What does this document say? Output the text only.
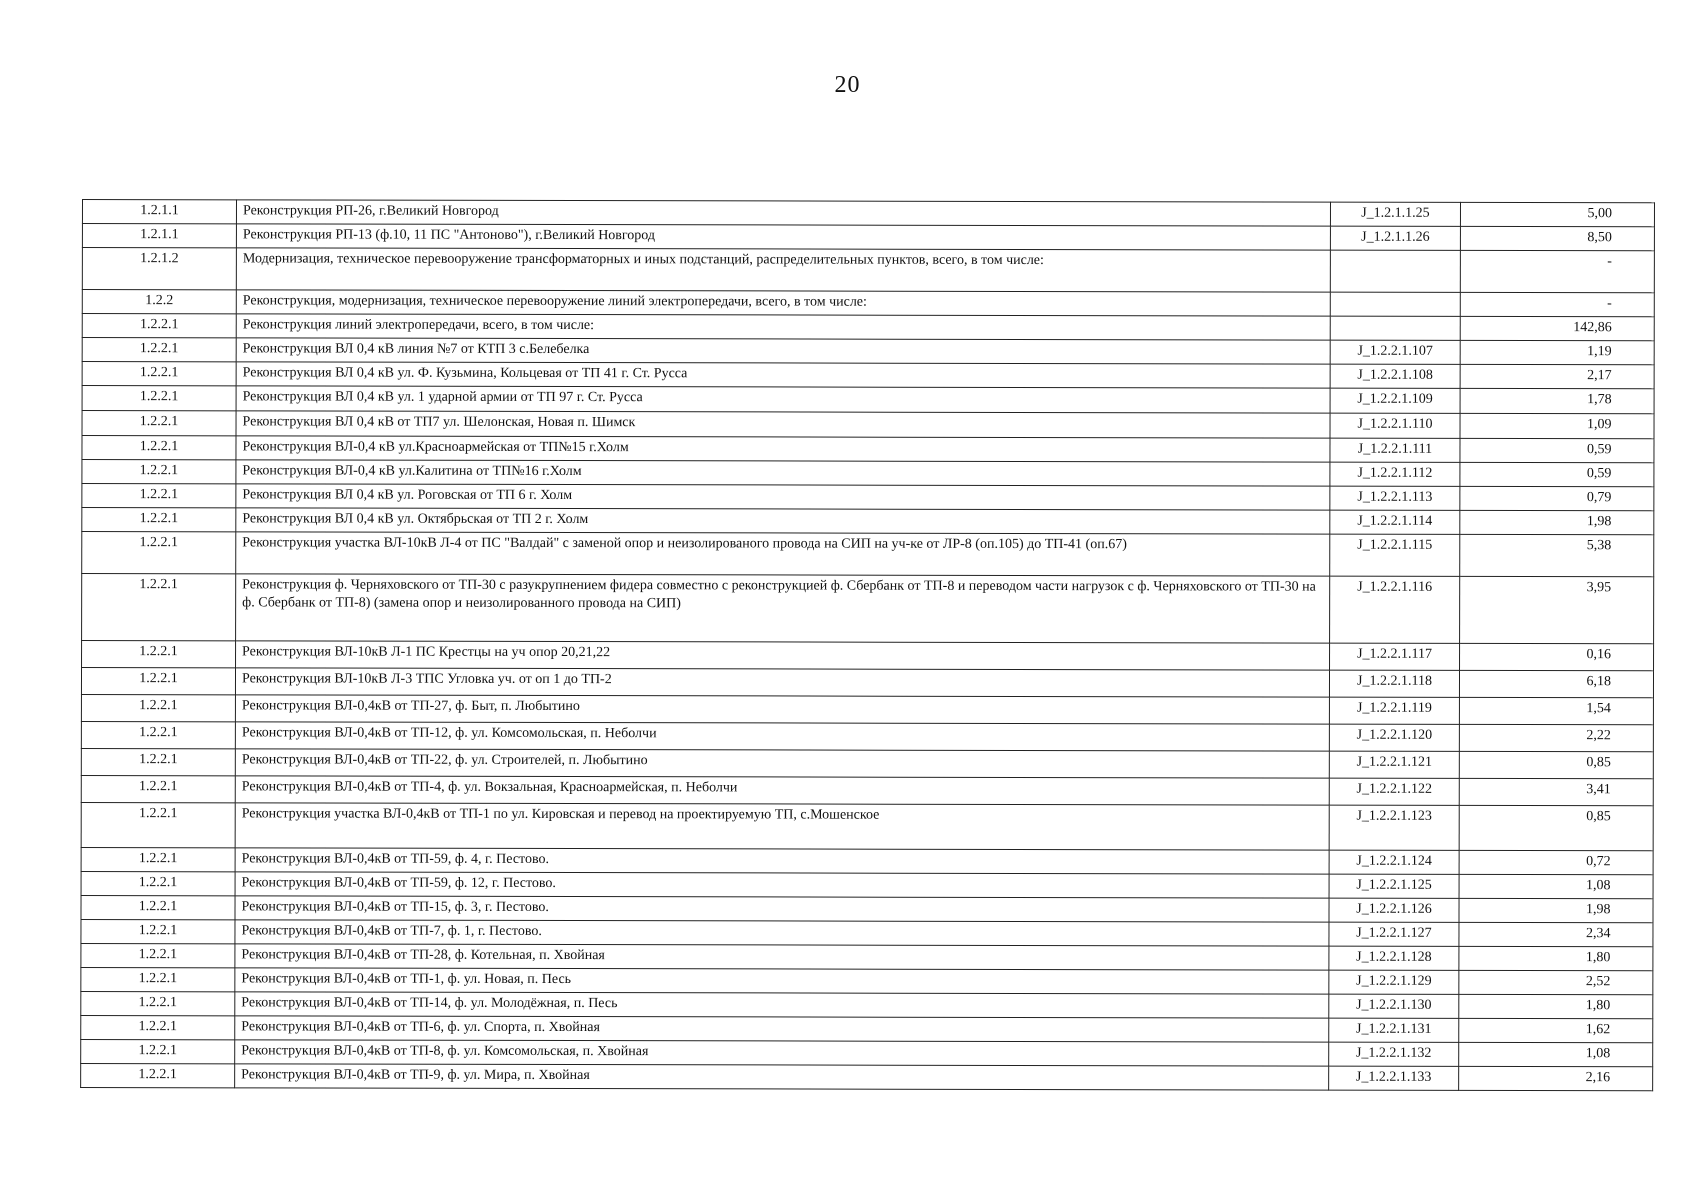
20
1.2.1.1	Реконструкция РП-26, г.Великий Новгород	J_1.2.1.1.25	5,00
1.2.1.1	Реконструкция РП-13 (ф.10, 11 ПС "Антоново"), г.Великий Новгород	J_1.2.1.1.26	8,50
1.2.1.2	Модернизация, техническое перевооружение трансформаторных и иных подстанций, распределительных пунктов, всего, в том числе:		-
1.2.2	Реконструкция, модернизация, техническое перевооружение линий электропередачи, всего, в том числе:		-
1.2.2.1	Реконструкция линий электропередачи, всего, в том числе:		142,86
1.2.2.1	Реконструкция ВЛ 0,4 кВ линия №7 от КТП 3 с.Белебелка	J_1.2.2.1.107	1,19
1.2.2.1	Реконструкция ВЛ 0,4 кВ ул. Ф. Кузьмина, Кольцевая от ТП 41 г. Ст. Русса	J_1.2.2.1.108	2,17
1.2.2.1	Реконструкция ВЛ 0,4 кВ ул. 1 ударной армии от ТП 97 г. Ст. Русса	J_1.2.2.1.109	1,78
1.2.2.1	Реконструкция ВЛ 0,4 кВ от ТП7 ул. Шелонская, Новая п. Шимск	J_1.2.2.1.110	1,09
1.2.2.1	Реконструкция ВЛ-0,4 кВ ул.Красноармейская от ТП№15 г.Холм	J_1.2.2.1.111	0,59
1.2.2.1	Реконструкция ВЛ-0,4 кВ ул.Калитина от ТП№16 г.Холм	J_1.2.2.1.112	0,59
1.2.2.1	Реконструкция ВЛ 0,4 кВ ул. Роговская от ТП 6 г. Холм	J_1.2.2.1.113	0,79
1.2.2.1	Реконструкция ВЛ 0,4 кВ ул. Октябрьская от ТП 2 г. Холм	J_1.2.2.1.114	1,98
1.2.2.1	Реконструкция участка ВЛ-10кВ Л-4 от ПС "Валдай" с заменой опор и неизолированого провода на СИП на уч-ке от ЛР-8 (оп.105) до ТП-41 (оп.67)	J_1.2.2.1.115	5,38
1.2.2.1	Реконструкция ф. Черняховского от ТП-30 с разукрупнением фидера совместно с реконструкцией ф. Сбербанк от ТП-8 и переводом части нагрузок с ф. Черняховского от ТП-30 на ф. Сбербанк от ТП-8) (замена опор и неизолированного провода на СИП)	J_1.2.2.1.116	3,95
1.2.2.1	Реконструкция ВЛ-10кВ Л-1 ПС Крестцы на уч опор 20,21,22	J_1.2.2.1.117	0,16
1.2.2.1	Реконструкция ВЛ-10кВ Л-3 ТПС Угловка уч. от оп 1 до ТП-2	J_1.2.2.1.118	6,18
1.2.2.1	Реконструкция ВЛ-0,4кВ от ТП-27, ф. Быт, п. Любытино	J_1.2.2.1.119	1,54
1.2.2.1	Реконструкция ВЛ-0,4кВ от ТП-12, ф. ул. Комсомольская, п. Неболчи	J_1.2.2.1.120	2,22
1.2.2.1	Реконструкция ВЛ-0,4кВ от ТП-22, ф. ул. Строителей, п. Любытино	J_1.2.2.1.121	0,85
1.2.2.1	Реконструкция ВЛ-0,4кВ от ТП-4, ф. ул. Вокзальная, Красноармейская, п. Неболчи	J_1.2.2.1.122	3,41
1.2.2.1	Реконструкция участка ВЛ-0,4кВ от ТП-1 по ул. Кировская и перевод на проектируемую ТП, с.Мошенское	J_1.2.2.1.123	0,85
1.2.2.1	Реконструкция ВЛ-0,4кВ от ТП-59, ф. 4, г. Пестово.	J_1.2.2.1.124	0,72
1.2.2.1	Реконструкция ВЛ-0,4кВ от ТП-59, ф. 12, г. Пестово.	J_1.2.2.1.125	1,08
1.2.2.1	Реконструкция ВЛ-0,4кВ от ТП-15, ф. 3, г. Пестово.	J_1.2.2.1.126	1,98
1.2.2.1	Реконструкция ВЛ-0,4кВ от ТП-7, ф. 1, г. Пестово.	J_1.2.2.1.127	2,34
1.2.2.1	Реконструкция ВЛ-0,4кВ от ТП-28, ф. Котельная, п. Хвойная	J_1.2.2.1.128	1,80
1.2.2.1	Реконструкция ВЛ-0,4кВ от ТП-1, ф. ул. Новая, п. Песь	J_1.2.2.1.129	2,52
1.2.2.1	Реконструкция ВЛ-0,4кВ от ТП-14, ф. ул. Молодёжная, п. Песь	J_1.2.2.1.130	1,80
1.2.2.1	Реконструкция ВЛ-0,4кВ от ТП-6, ф. ул. Спорта, п. Хвойная	J_1.2.2.1.131	1,62
1.2.2.1	Реконструкция ВЛ-0,4кВ от ТП-8, ф. ул. Комсомольская, п. Хвойная	J_1.2.2.1.132	1,08
1.2.2.1	Реконструкция ВЛ-0,4кВ от ТП-9, ф. ул. Мира, п. Хвойная	J_1.2.2.1.133	2,16
